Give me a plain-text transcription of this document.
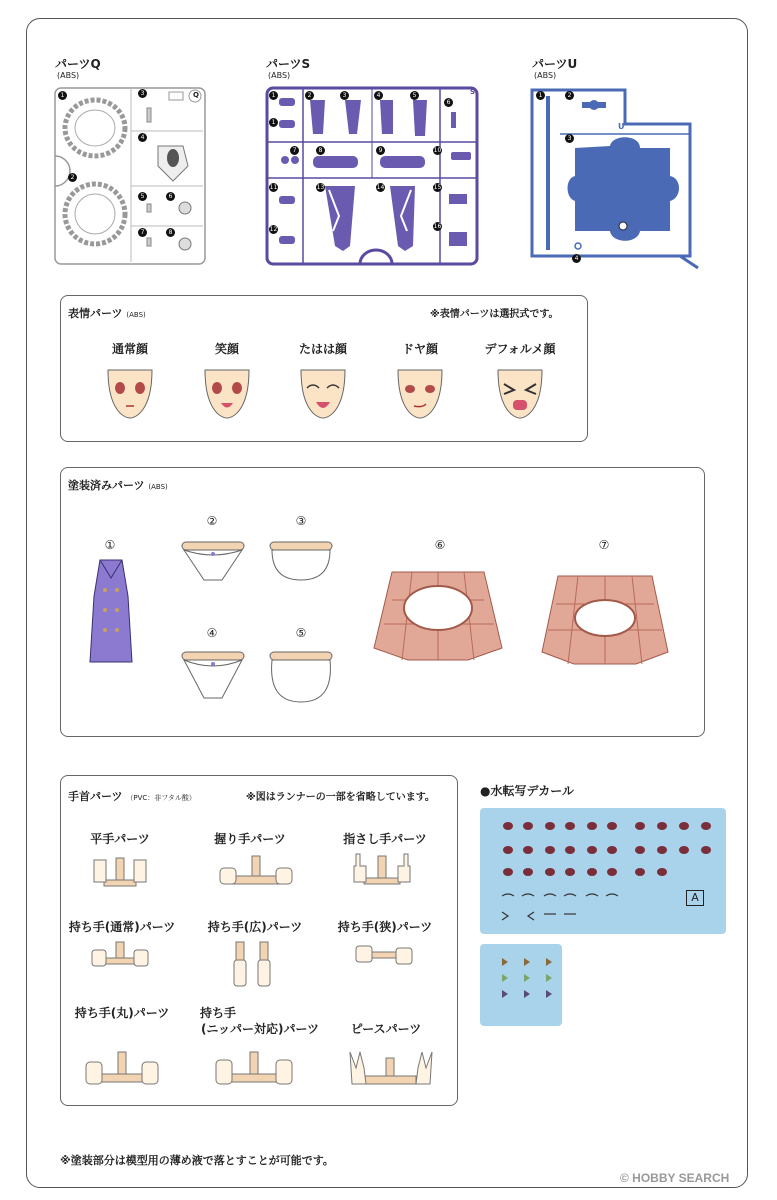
パーツQ
(ABS)
Q
1
2
3
4
5	6
7	8
パーツS
(ABS)
S
1
1
2	3	4	5
6
7	8	9	10
11
12
13	14	15
16
パーツU
(ABS)
U
1	2
3
4
表情パーツ (ABS)	※表情パーツは選択式です。
通常顔	笑顔	たはは顔	ドヤ顔	デフォルメ顔
塗装済みパーツ (ABS)
①
②	③
④	⑤
⑥	⑦
手首パーツ （PVC：非フタル酸）	※図はランナーの一部を省略しています。
平手パーツ	握り手パーツ	指さし手パーツ
持ち手(通常)パーツ	持ち手(広)パーツ	持ち手(狭)パーツ
持ち手(丸)パーツ	持ち手
(ニッパー対応)パーツ	ピースパーツ
●水転写デカール
A
※塗装部分は模型用の薄め液で落とすことが可能です。
© HOBBY SEARCH
